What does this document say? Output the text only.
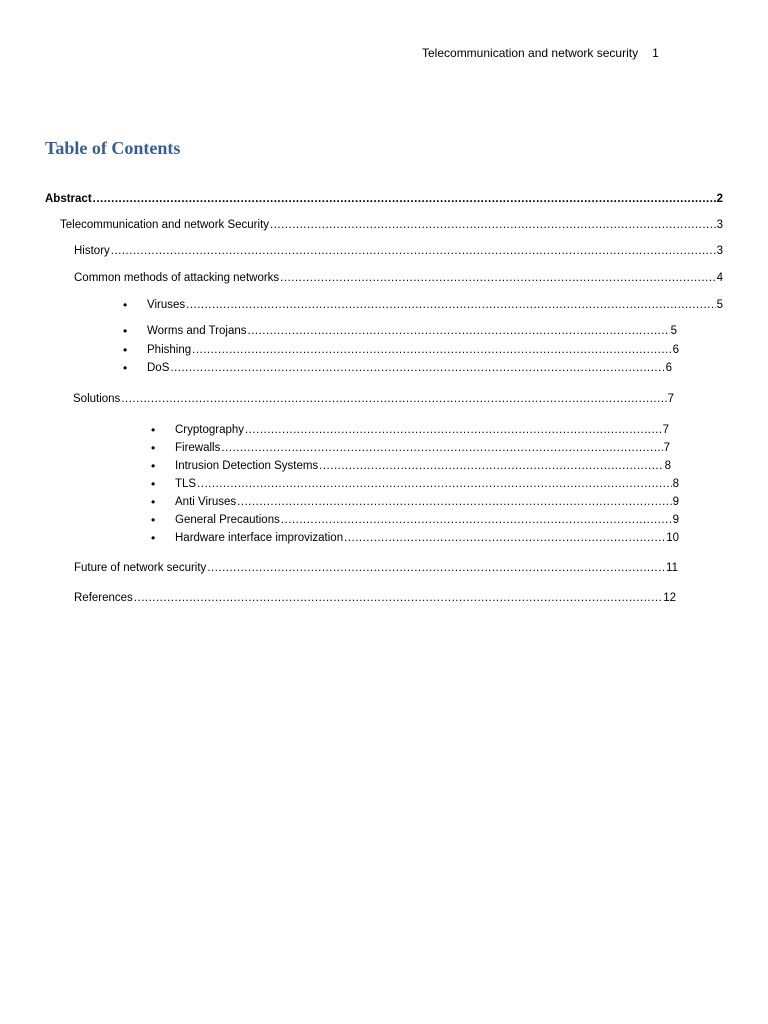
Telecommunication and network security 1
Table of Contents
Abstract .....	2
Telecommunication and network Security .....	3
History .....	3
Common methods of attacking networks .....	4
• Viruses .....	5
• Worms and Trojans .....	5
• Phishing .....	6
• DoS .....	6
Solutions .....	7
• Cryptography .....	7
• Firewalls .....	7
• Intrusion Detection Systems .....	8
• TLS .....	8
• Anti Viruses .....	9
• General Precautions .....	9
• Hardware interface improvization .....	10
Future of network security .....	11
References .....	12
